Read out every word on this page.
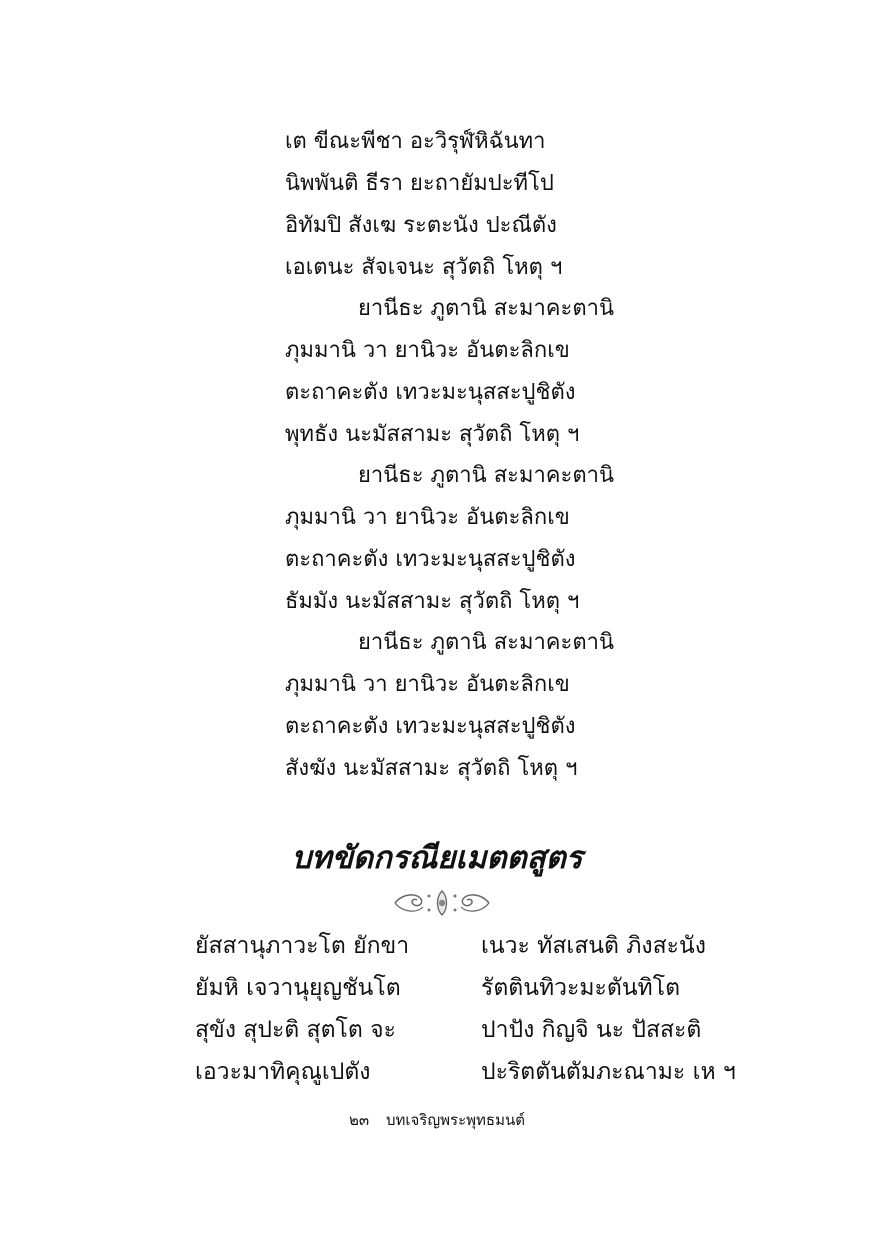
เต ขีณะพีชา อะวิรุฬ์หิฉันทา
นิพพันติ ธีรา ยะถายัมปะทีโป
อิทัมปิ สังเฆ ระตะนัง ปะณีตัง
เอเตนะ สัจเจนะ สุวัตถิ โหตุ ฯ
ยานีธะ ภูตานิ สะมาคะตานิ
ภุมมานิ วา ยานิวะ อันตะลิกเข
ตะถาคะตัง เทวะมะนุสสะปูชิตัง
พุทธัง นะมัสสามะ สุวัตถิ โหตุ ฯ
ยานีธะ ภูตานิ สะมาคะตานิ
ภุมมานิ วา ยานิวะ อันตะลิกเข
ตะถาคะตัง เทวะมะนุสสะปูชิตัง
ธัมมัง นะมัสสามะ สุวัตถิ โหตุ ฯ
ยานีธะ ภูตานิ สะมาคะตานิ
ภุมมานิ วา ยานิวะ อันตะลิกเข
ตะถาคะตัง เทวะมะนุสสะปูชิตัง
สังฆัง นะมัสสามะ สุวัตถิ โหตุ ฯ
บทขัดกรณียเมตตสูตร
ยัสสานุภาวะโต ยักขา
ยัมหิ เจวานุยุญชันโต
สุขัง สุปะติ สุตโต จะ
เอวะมาทิคุณูเปตัง
เนวะ ทัสเสนติ ภิงสะนัง
รัตตินทิวะมะตันทิโต
ปาปัง กิญจิ นะ ปัสสะติ
ปะริตตันตัมภะณามะ เห ฯ
๒๓ บทเจริญพระพุทธมนต์
